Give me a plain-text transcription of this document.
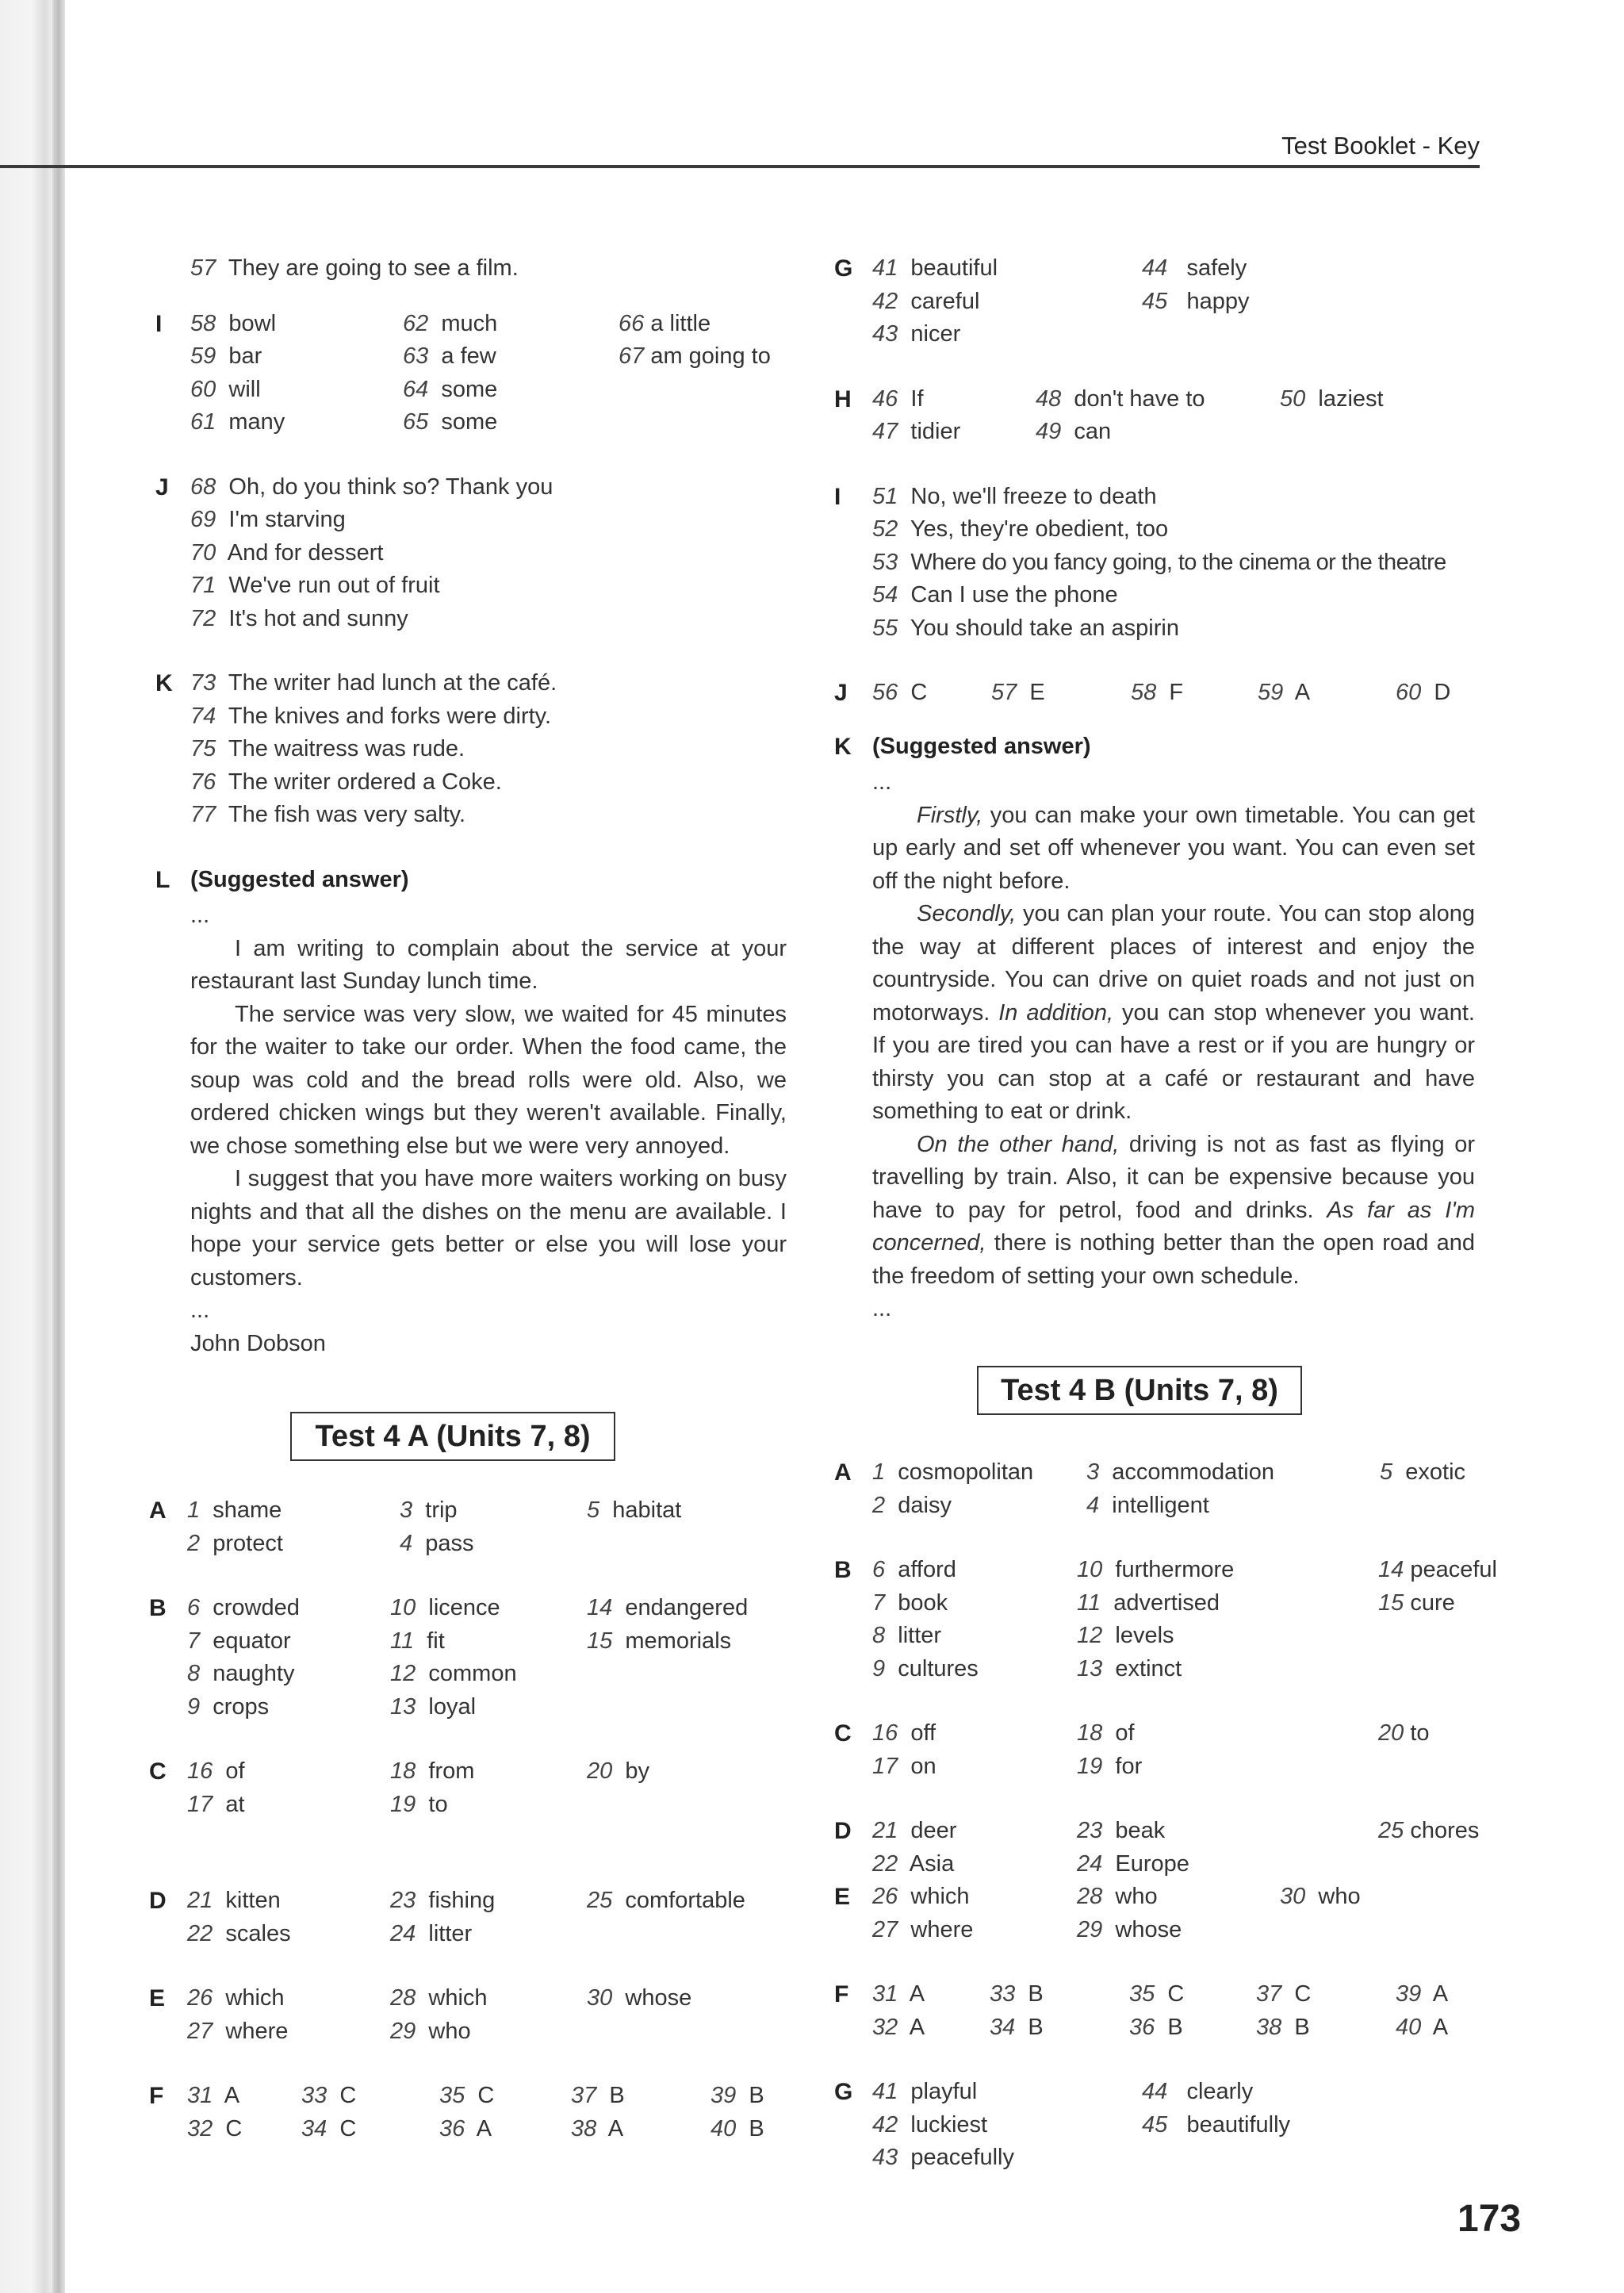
Test Booklet - Key
57 They are going to see a film.
I 58 bowl	62 much	66 a little
59 bar	63 a few	67 am going to
60 will	64 some
61 many	65 some
J 68 Oh, do you think so? Thank you
69 I'm starving
70 And for dessert
71 We've run out of fruit
72 It's hot and sunny
K 73 The writer had lunch at the café.
74 The knives and forks were dirty.
75 The waitress was rude.
76 The writer ordered a Coke.
77 The fish was very salty.
L (Suggested answer)

...

I am writing to complain about the service at your restaurant last Sunday lunch time.

The service was very slow, we waited for 45 minutes for the waiter to take our order. When the food came, the soup was cold and the bread rolls were old. Also, we ordered chicken wings but they weren't available. Finally, we chose something else but we were very annoyed.

I suggest that you have more waiters working on busy nights and that all the dishes on the menu are available. I hope your service gets better or else you will lose your customers.

...

John Dobson

Test 4 A (Units 7, 8)
A 1 shame	3 trip	5 habitat
2 protect	4 pass
B 6 crowded	10 licence	14 endangered
7 equator	11 fit	15 memorials
8 naughty	12 common
9 crops	13 loyal
C 16 of	18 from	20 by
17 at	19 to
D 21 kitten	23 fishing	25 comfortable
22 scales	24 litter
E 26 which	28 which	30 whose
27 where	29 who
F 31 A	33 C	35 C	37 B	39 B
32 C	34 C	36 A	38 A	40 B
G 41 beautiful	44 safely
42 careful	45 happy
43 nicer
H 46 If	48 don't have to	50 laziest
47 tidier	49 can
I 51 No, we'll freeze to death
52 Yes, they're obedient, too
53 Where do you fancy going, to the cinema or the theatre
54 Can I use the phone
55 You should take an aspirin
J 56 C	57 E	58 F	59 A	60 D
K (Suggested answer)

...

Firstly, you can make your own timetable. You can get up early and set off whenever you want. You can even set off the night before.

Secondly, you can plan your route. You can stop along the way at different places of interest and enjoy the countryside. You can drive on quiet roads and not just on motorways. In addition, you can stop whenever you want. If you are tired you can have a rest or if you are hungry or thirsty you can stop at a café or restaurant and have something to eat or drink.

On the other hand, driving is not as fast as flying or travelling by train. Also, it can be expensive because you have to pay for petrol, food and drinks. As far as I'm concerned, there is nothing better than the open road and the freedom of setting your own schedule.

...

Test 4 B (Units 7, 8)
A 1 cosmopolitan 3 accommodation	5 exotic
2 daisy	4 intelligent
B 6 afford	10 furthermore	14 peaceful
7 book	11 advertised	15 cure
8 litter	12 levels
9 cultures	13 extinct
C 16 off	18 of	20 to
17 on	19 for
D 21 deer	23 beak	25 chores
22 Asia	24 Europe
E 26 which	28 who	30 who
27 where	29 whose
F 31 A	33 B	35 C	37 C	39 A
32 A	34 B	36 B	38 B	40 A
G 41 playful	44 clearly
42 luckiest	45 beautifully
43 peacefully
173
